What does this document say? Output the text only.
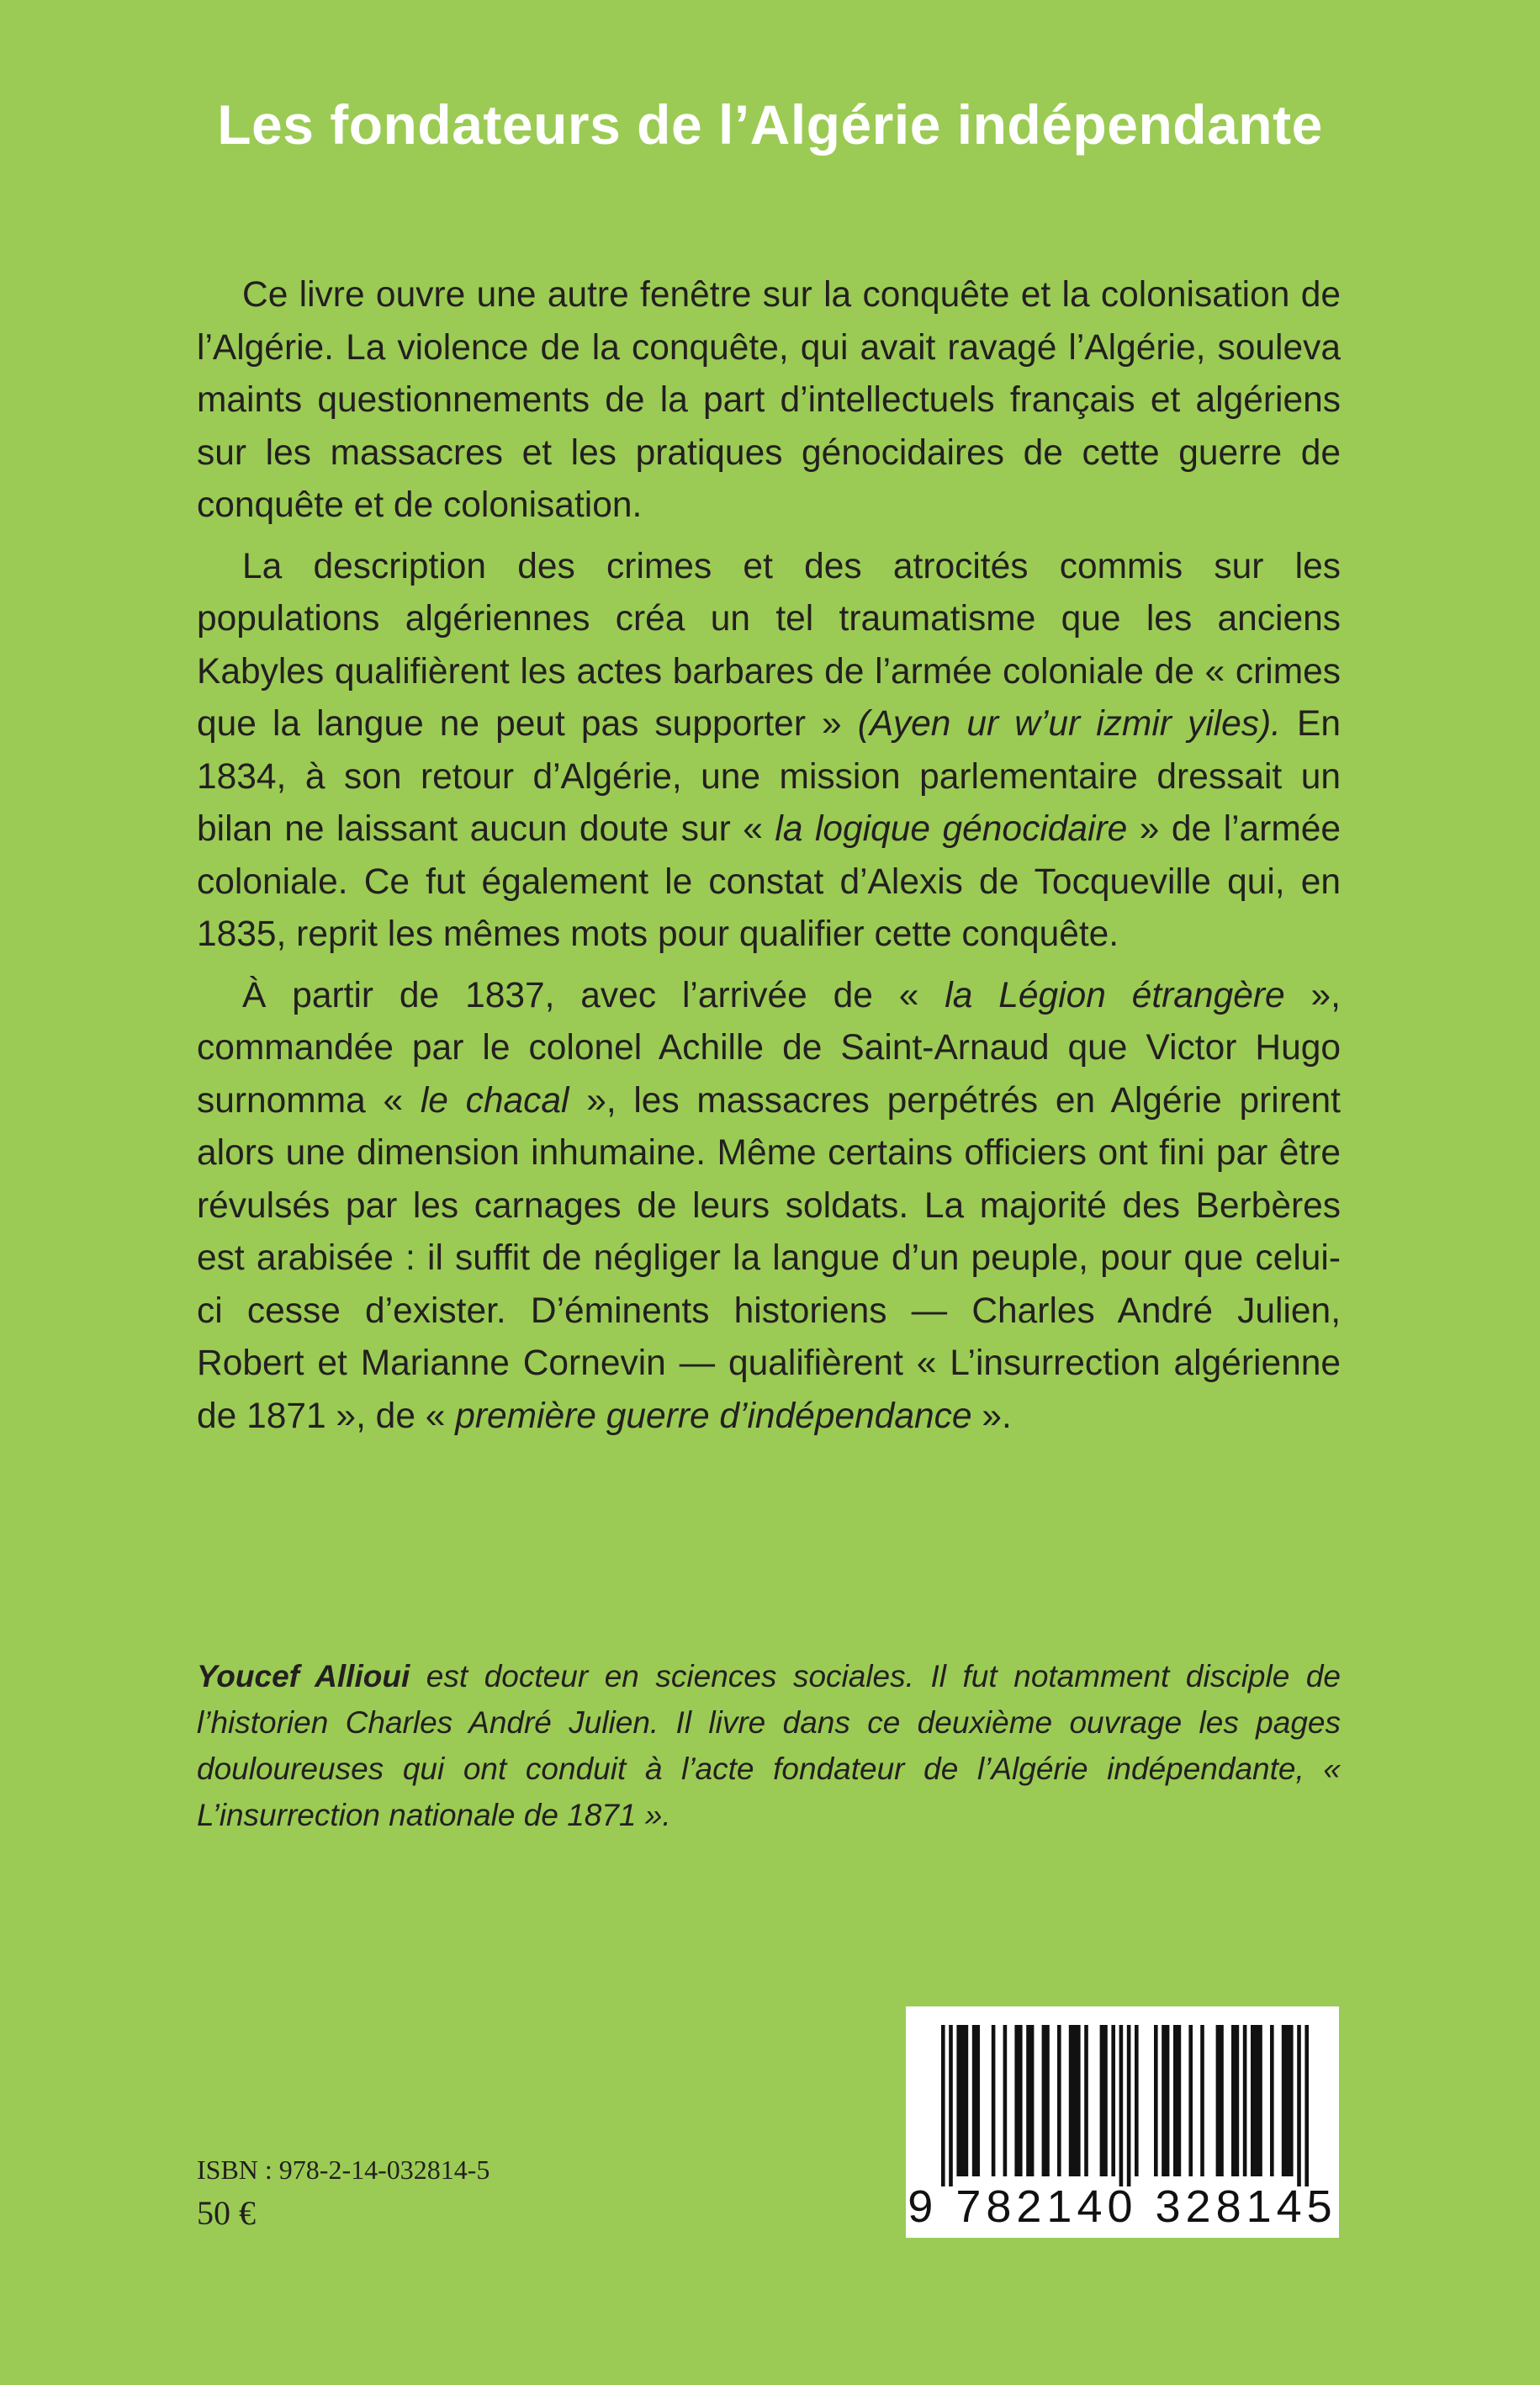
Les fondateurs de l’Algérie indépendante

Ce livre ouvre une autre fenêtre sur la conquête et la colonisation de l’Algérie. La violence de la conquête, qui avait ravagé l’Algérie, souleva maints questionnements de la part d’intellectuels français et algériens sur les massacres et les pratiques génocidaires de cette guerre de conquête et de colonisation.

La description des crimes et des atrocités commis sur les populations algériennes créa un tel traumatisme que les anciens Kabyles qualifièrent les actes barbares de l’armée coloniale de « crimes que la langue ne peut pas supporter » (Ayen ur w’ur izmir yiles). En 1834, à son retour d’Algérie, une mission parlementaire dressait un bilan ne laissant aucun doute sur « la logique génocidaire » de l’armée coloniale. Ce fut également le constat d’Alexis de Tocqueville qui, en 1835, reprit les mêmes mots pour qualifier cette conquête.

À partir de 1837, avec l’arrivée de « la Légion étrangère », commandée par le colonel Achille de Saint-Arnaud que Victor Hugo surnomma « le chacal », les massacres perpétrés en Algérie prirent alors une dimension inhumaine. Même certains officiers ont fini par être révulsés par les carnages de leurs soldats. La majorité des Berbères est arabisée : il suffit de négliger la langue d’un peuple, pour que celui-ci cesse d’exister. D’éminents historiens — Charles André Julien, Robert et Marianne Cornevin — qualifièrent « L’insurrection algérienne de 1871 », de « première guerre d’indépendance ».

Youcef Allioui est docteur en sciences sociales. Il fut notamment disciple de l’historien Charles André Julien. Il livre dans ce deuxième ouvrage les pages douloureuses qui ont conduit à l’acte fondateur de l’Algérie indépendante, « L’insurrection nationale de 1871 ».

ISBN : 978-2-14-032814-5
50 €	9 782140 328145
